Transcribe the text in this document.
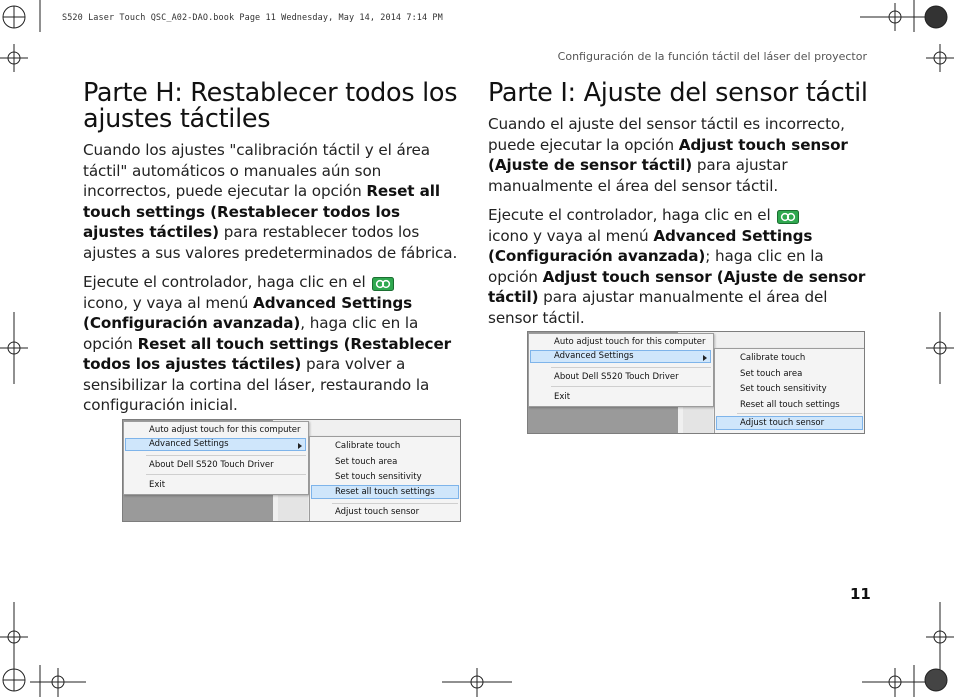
S520 Laser Touch QSC_A02-DAO.book Page 11 Wednesday, May 14, 2014 7:14 PM
Configuración de la función táctil del láser del proyector
Parte H: Restablecer todos los ajustes táctiles

Cuando los ajustes "calibración táctil y el área táctil" automáticos o manuales aún son incorrectos, puede ejecutar la opción Reset all touch settings (Restablecer todos los ajustes táctiles) para restablecer todos los ajustes a sus valores predeterminados de fábrica.

Ejecute el controlador, haga clic en el
icono, y vaya al menú Advanced Settings (Configuración avanzada), haga clic en la opción Reset all touch settings (Restablecer todos los ajustes táctiles) para volver a sensibilizar la cortina del láser, restaurando la configuración inicial.

Parte I: Ajuste del sensor táctil

Cuando el ajuste del sensor táctil es incorrecto, puede ejecutar la opción Adjust touch sensor (Ajuste de sensor táctil) para ajustar manualmente el área del sensor táctil.

Ejecute el controlador, haga clic en el
icono y vaya al menú Advanced Settings (Configuración avanzada); haga clic en la opción Adjust touch sensor (Ajuste de sensor táctil) para ajustar manualmente el área del sensor táctil.

Auto adjust touch for this computer
Advanced Settings
About Dell S520 Touch Driver
Exit
Calibrate touch
Set touch area
Set touch sensitivity
Reset all touch settings
Adjust touch sensor
Auto adjust touch for this computer
Advanced Settings
About Dell S520 Touch Driver
Exit
Calibrate touch
Set touch area
Set touch sensitivity
Reset all touch settings
Adjust touch sensor
11
